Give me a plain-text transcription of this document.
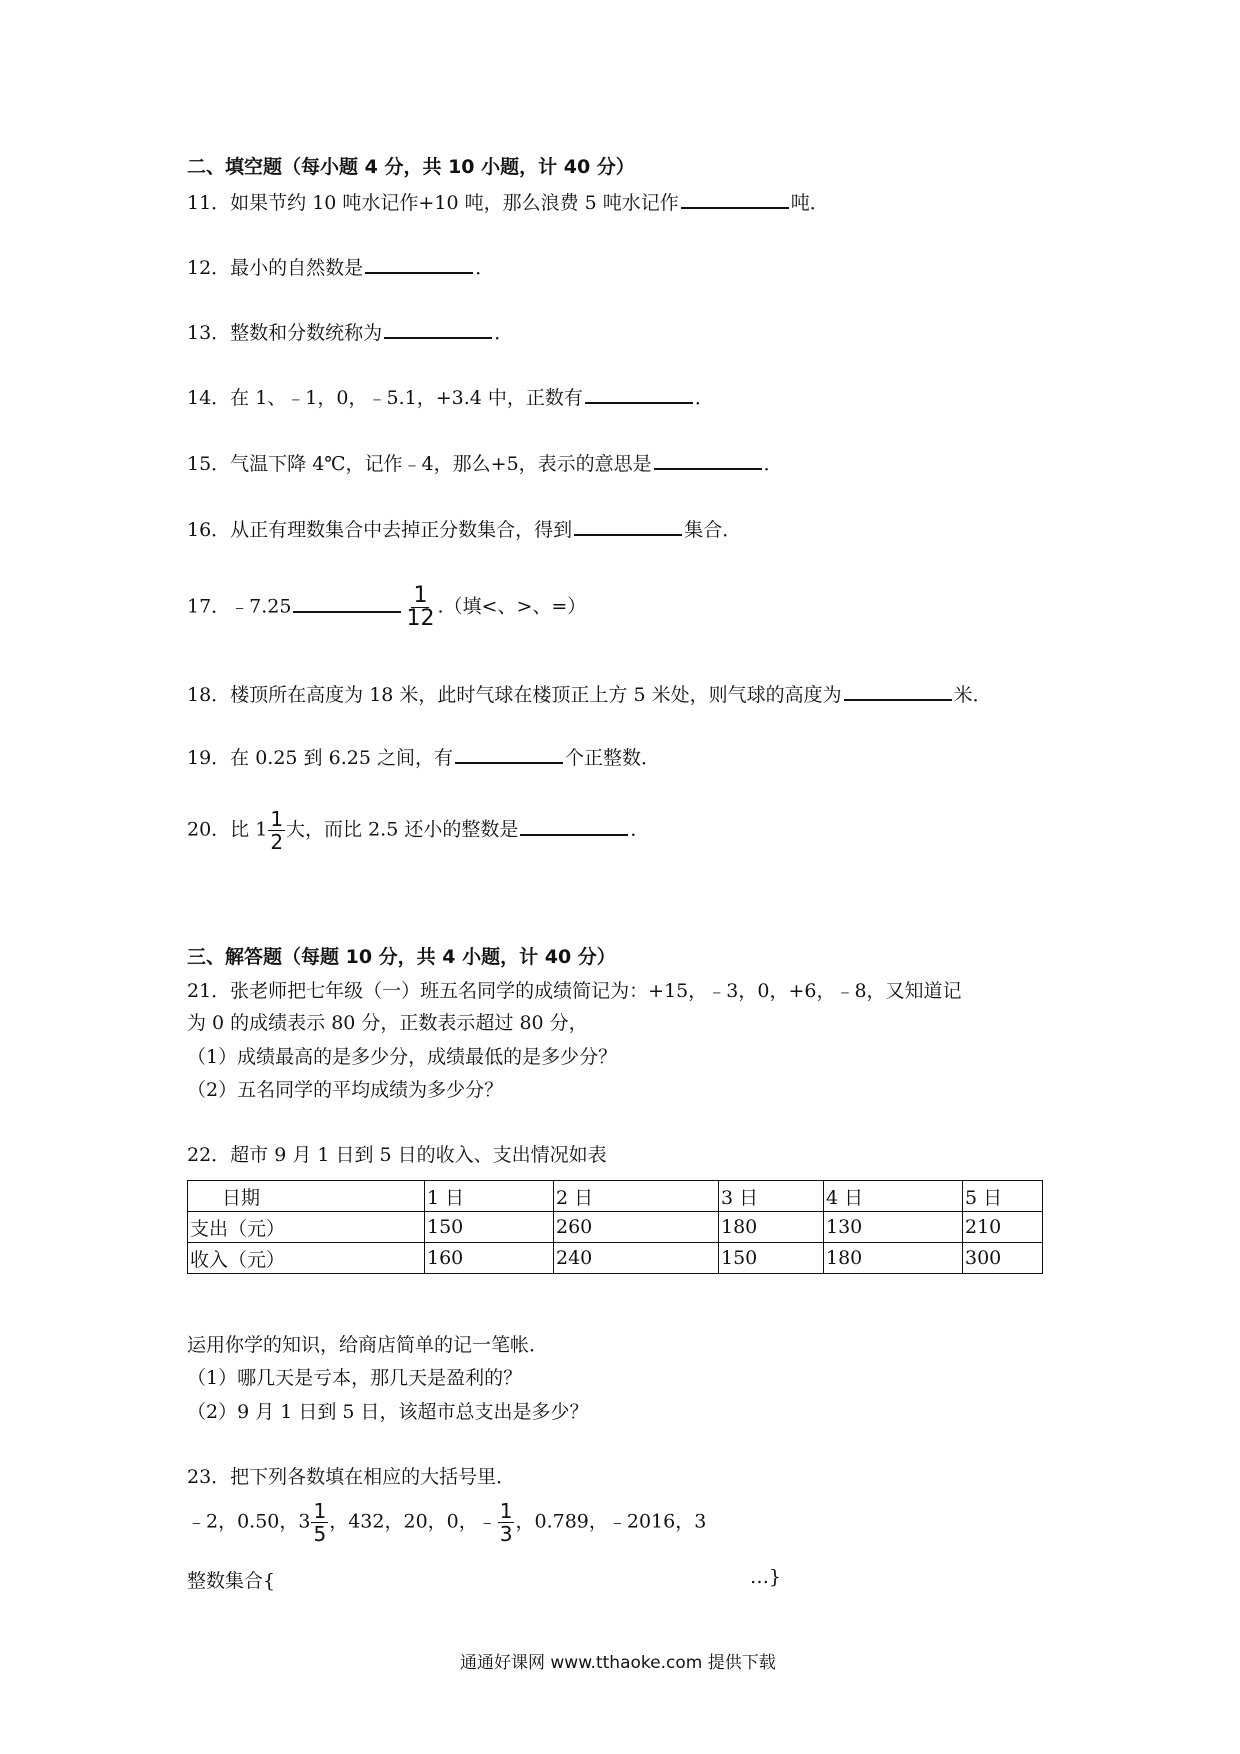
二、填空题（每小题 4 分，共 10 小题，计 40 分）
11．如果节约 10 吨水记作+10 吨，那么浪费 5 吨水记作	吨．
12．最小的自然数是	．
13．整数和分数统称为	．
14．在 1、﹣1，0，﹣5.1，+3.4 中，正数有	．
15．气温下降 4℃，记作﹣4，那么+5，表示的意思是	．
16．从正有理数集合中去掉正分数集合，得到	集合．
17．﹣7.25	$\frac{1}{12}$ .（填<、>、=）
18．楼顶所在高度为 18 米，此时气球在楼顶正上方 5 米处，则气球的高度为	米．
19．在 0.25 到 6.25 之间，有	个正整数．
20．比 $1 \frac{1}{2}$ 大，而比 2.5 还小的整数是	．
三、解答题（每题 10 分，共 4 小题，计 40 分）
21．张老师把七年级（一）班五名同学的成绩简记为：+15，﹣3，0，+6，﹣8，又知道记
为 0 的成绩表示 80 分，正数表示超过 80 分，
（1）成绩最高的是多少分，成绩最低的是多少分？
（2）五名同学的平均成绩为多少分？
22．超市 9 月 1 日到 5 日的收入、支出情况如表
日期	1 日	2 日	3 日	4 日	5 日
支出（元）	150	260	180	130	210
收入（元）	160	240	150	180	300
运用你学的知识，给商店简单的记一笔帐．
（1）哪几天是亏本，那几天是盈利的？
（2）9 月 1 日到 5 日，该超市总支出是多少？
23．把下列各数填在相应的大括号里．
﹣2，0.50，$3 \frac{1}{5}$ ，432，20，0，﹣ $\frac{1}{3}$ ，0.789，﹣2016，3
整数集合{	…}
通通好课网 www.tthaoke.com 提供下载
